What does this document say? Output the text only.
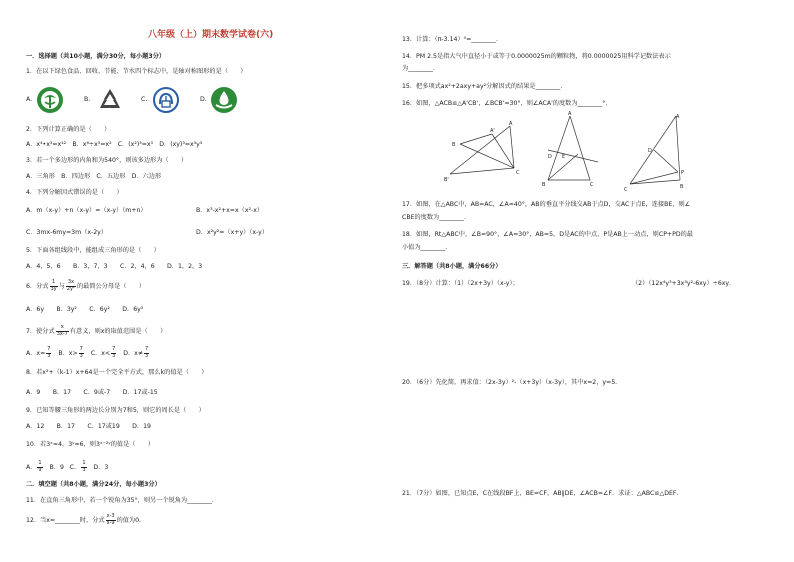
八年级（上）期末数学试卷(六)
一．选择题（共10小题，满分30分，每小题3分）
1．在以下绿色食品、回收、节能、节水四个标志中，是轴对称图形的是（　　）
A.	B.	C.	D.
2．下列计算正确的是（　　）
A．x⁴•x³=x¹²　B．x⁶÷x³=x²　C．(x²)³=x⁵　D．(xy)³=x³y³
3．若一个多边形的内角和为540°，则该多边形为（　　）
A．三角形　B．四边形　C．五边形　D．六边形
4．下列分解因式错误的是（　　）
A．m（x-y）+n（x-y）=（x-y）（m+n）	B．x³-x²+x=x（x²-x）
C．3mx-6my=3m（x-2y）	D．x²y²=（x+y）（x-y）
5．下面各组线段中，能组成三角形的是（　　）
A．4，5，6　　B．3，7，3　　C．2，4，6　　D．1，2，3
6．分式 $\frac{1}{3y}$ 与 $\frac{3x}{\text{2y²}}$ 的最简公分母是（　　）
A．6y　　B．3y²　　C．6y²　　D．6y³
7．使分式 $\frac{x}{3x-7}$ 有意义，则x的取值范围是（　　）
A．$x= \frac{7}{3}$ B．$x> \frac{7}{3}$ C．$x< \frac{7}{3}$ D．$x\ne \frac{7}{3}$
8．若x²+（k-1）x+64是一个完全平方式，那么k的值是（　　）
A．9　　B．17　　C．9或-7　　D．17或-15
9．已知等腰三角形的两边长分别为7和5，则它的周长是（　　）
A．12　　B．17　　C．17或19　　D．19
10．若3ˣ=4，3ʸ=6，则3ˣ⁻²ʸ的值是（　　）
A． $\frac{1}{9}$ B．9 C． $\frac{1}{3}$ D．3
二．填空题（共8小题，满分24分，每小题3分）
11．在直角三角形中，若一个锐角为35°，则另一个锐角为________．
12．当x=________时，分式 $\frac{x-3}{x-9}$ 的值为0．
13．计算：（π-3.14）⁰=________．
14．PM 2.5是指大气中直径小于或等于0.0000025m的颗粒物，将0.0000025用科学记数法表示
为________．
15．把多项式ax²+2axy+ay²分解因式的结果是________．
16．如图，△ACB≌△A'CB'，∠BCB'=30°，则∠ACA'的度数为________°．
A'
A
B
C
B'
A
D E
B	C
A
D
P
C	B
17．如图，在△ABC中，AB=AC，∠A=40°，AB的垂直平分线交AB于点D，交AC于点E，连接BE，则∠
CBE的度数为________．
18．如图，Rt△ABC中，∠B=90°，∠A=30°，AB=5，D是AC的中点，P是AB上一动点，则CP+PD的最
小值为________．
三．解答题（共8小题，满分66分）
19．（8分）计算：（1）（2x+3y）（x-y）；	（2）（12x⁴y³+3x³y²-6xy）÷6xy．
20．（6分）先化简，再求值：（2x-3y）²-（x+3y）（x-3y），其中x=2，y=5．
21．（7分）如图，已知点E，C在线段BF上，BE=CF，AB∥DE，∠ACB=∠F．求证：△ABC≌△DEF．
